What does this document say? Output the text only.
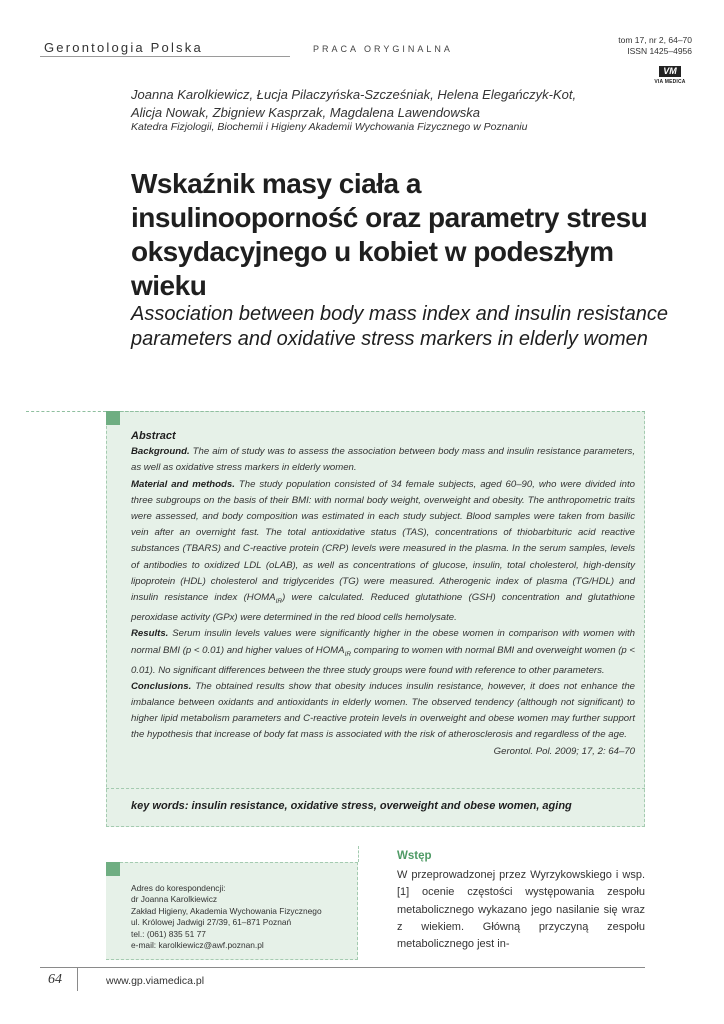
Gerontologia Polska	PRACA ORYGINALNA
tom 17, nr 2, 64–70
ISSN 1425–4956
VM
VIA MEDICA
Joanna Karolkiewicz, Łucja Pilaczyńska-Szcześniak, Helena Elegańczyk-Kot,
Alicja Nowak, Zbigniew Kasprzak, Magdalena Lawendowska
Katedra Fizjologii, Biochemii i Higieny Akademii Wychowania Fizycznego w Poznaniu
Wskaźnik masy ciała a insulinooporność oraz parametry stresu oksydacyjnego u kobiet w podeszłym wieku
Association between body mass index and insulin resistance parameters and oxidative stress markers in elderly women

Abstract

Background. The aim of study was to assess the association between body mass and insulin resistance parameters, as well as oxidative stress markers in elderly women.

Material and methods. The study population consisted of 34 female subjects, aged 60–90, who were divided into three subgroups on the basis of their BMI: with normal body weight, overweight and obesity. The anthropometric traits were assessed, and body composition was estimated in each study subject. Blood samples were taken from basilic vein after an overnight fast. The total antioxidative status (TAS), concentrations of thiobarbituric acid reactive substances (TBARS) and C-reactive protein (CRP) levels were measured in the plasma. In the serum samples, levels of antibodies to oxidized LDL (oLAB), as well as concentrations of glucose, insulin, total cholesterol, high-density lipoprotein (HDL) cholesterol and triglycerides (TG) were measured. Atherogenic index of plasma (TG/HDL) and insulin resistance index $(HOMA_{IR})$ were calculated. Reduced glutathione (GSH) concentration and glutathione peroxidase activity (GPx) were determined in the red blood cells hemolysate.

Results. Serum insulin levels values were significantly higher in the obese women in comparison with women with normal BMI (p < 0.01) and higher values of $HOMA_{IR}$ comparing to women with normal BMI and overweight women (p < 0.01). No significant differences between the three study groups were found with reference to other parameters.

Conclusions. The obtained results show that obesity induces insulin resistance, however, it does not enhance the imbalance between oxidants and antioxidants in elderly women. The observed tendency (although not significant) to higher lipid metabolism parameters and C-reactive protein levels in overweight and obese women may further support the hypothesis that increase of body fat mass is associated with the risk of atherosclerosis and regardless of the age.

Gerontol. Pol. 2009; 17, 2: 64–70

key words: insulin resistance, oxidative stress, overweight and obese women, aging
Adres do korespondencji:
dr Joanna Karolkiewicz
Zakład Higieny, Akademia Wychowania Fizycznego
ul. Królowej Jadwigi 27/39, 61–871 Poznań
tel.: (061) 835 51 77
e-mail: karolkiewicz@awf.poznan.pl
Wstęp
W przeprowadzonej przez Wyrzykowskiego i wsp. [1] ocenie częstości występowania zespołu metabolicznego wykazano jego nasilanie się wraz z wiekiem. Główną przyczyną zespołu metabolicznego jest in-
64	www.gp.viamedica.pl
